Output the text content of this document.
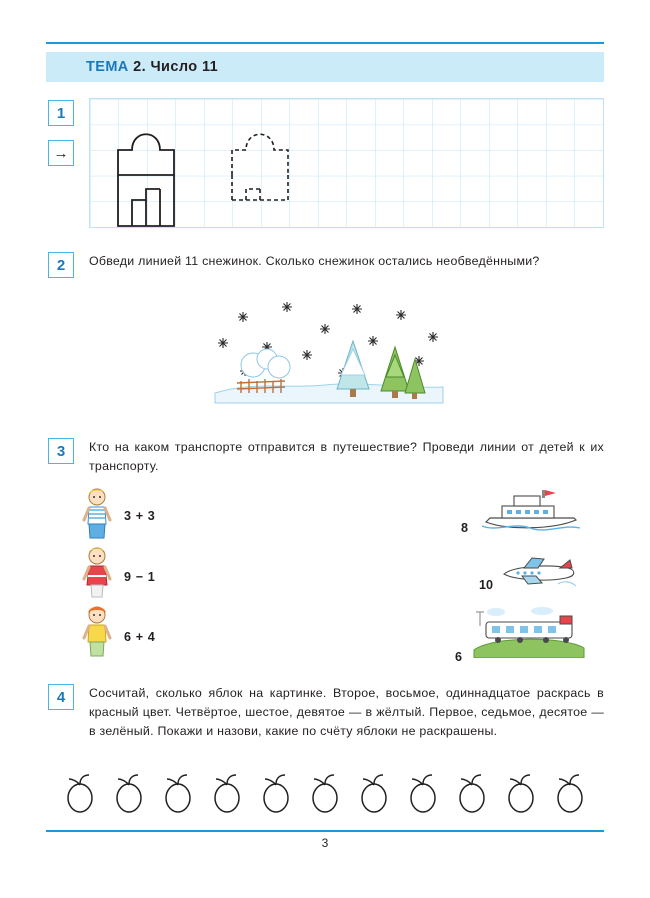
ТЕМА 2. Число 11
1
→
2	Обведи линией 11 снежинок. Сколько снежинок остались необведёнными?
3	Кто на каком транспорте отправится в путешествие? Проведи линии от детей к их транспорту.
3 + 3
9 − 1
6 + 4
8
10
6
4	Сосчитай, сколько яблок на картинке. Второе, восьмое, одиннадцатое раскрась в красный цвет. Четвёртое, шестое, девятое — в жёлтый. Первое, седьмое, десятое — в зелёный. Покажи и назови, какие по счёту яблоки не раскрашены.
3
